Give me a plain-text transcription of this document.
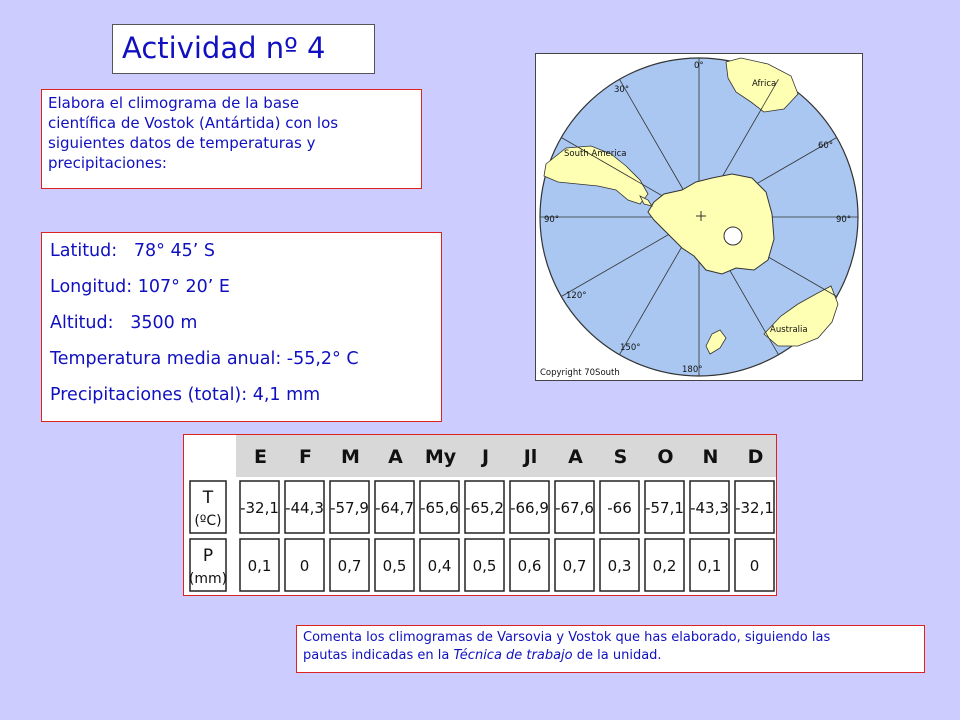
Actividad nº 4
Elabora el climograma de la base
científica de Vostok (Antártida) con los
siguientes datos de temperaturas y
precipitaciones:
Latitud: 78° 45’ S
Longitud: 107° 20’ E
Altitud: 3500 m
Temperatura media anual: -55,2° C
Precipitaciones (total): 4,1 mm
0°
30°
60°
90°	90°
120°
150°
180°
Africa
South America
Australia
Copyright 70South
T
(ºC)
P
(mm)
E
-32,1
0,1
F
-44,3
0
M
-57,9
0,7
A
-64,7
0,5
My
-65,6
0,4
J
-65,2
0,5
Jl
-66,9
0,6
A
-67,6
0,7
S
-66
0,3
O
-57,1
0,2
N
-43,3
0,1
D
-32,1
0
Comenta los climogramas de Varsovia y Vostok que has elaborado, siguiendo las
pautas indicadas en la Técnica de trabajo de la unidad.
